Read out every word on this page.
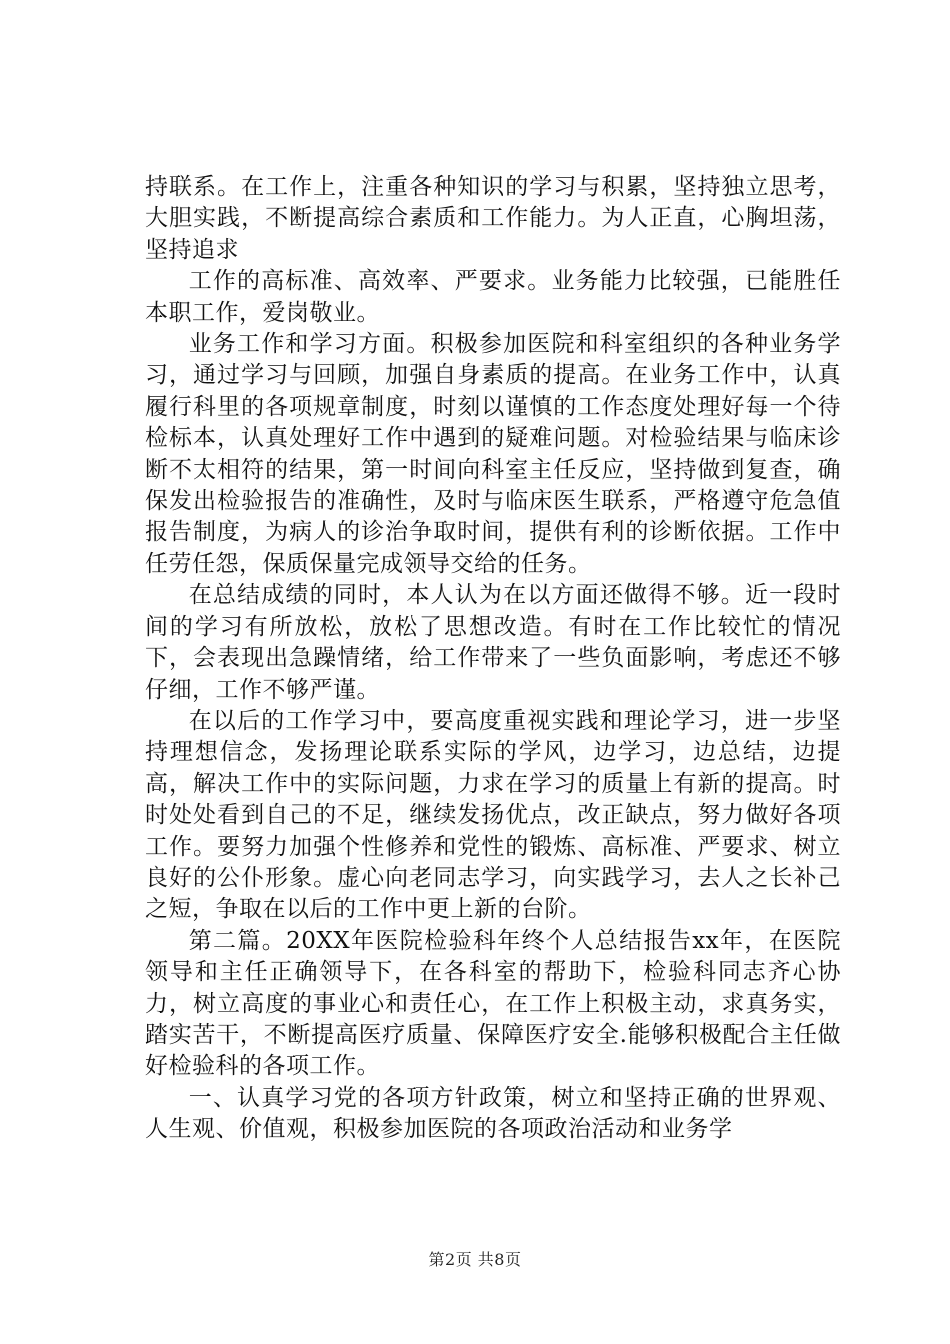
持联系。在工作上，注重各种知识的学习与积累，坚持独立思考，大胆实践，不断提高综合素质和工作能力。为人正直，心胸坦荡，坚持追求

工作的高标准、高效率、严要求。业务能力比较强，已能胜任本职工作，爱岗敬业。

业务工作和学习方面。积极参加医院和科室组织的各种业务学习，通过学习与回顾，加强自身素质的提高。在业务工作中，认真履行科里的各项规章制度，时刻以谨慎的工作态度处理好每一个待检标本，认真处理好工作中遇到的疑难问题。对检验结果与临床诊断不太相符的结果，第一时间向科室主任反应，坚持做到复查，确保发出检验报告的准确性，及时与临床医生联系，严格遵守危急值报告制度，为病人的诊治争取时间，提供有利的诊断依据。工作中任劳任怨，保质保量完成领导交给的任务。

在总结成绩的同时，本人认为在以方面还做得不够。近一段时间的学习有所放松，放松了思想改造。有时在工作比较忙的情况下，会表现出急躁情绪，给工作带来了一些负面影响，考虑还不够仔细，工作不够严谨。

在以后的工作学习中，要高度重视实践和理论学习，进一步坚持理想信念，发扬理论联系实际的学风，边学习，边总结，边提高，解决工作中的实际问题，力求在学习的质量上有新的提高。时时处处看到自己的不足，继续发扬优点，改正缺点，努力做好各项工作。要努力加强个性修养和党性的锻炼、高标准、严要求、树立良好的公仆形象。虚心向老同志学习，向实践学习，去人之长补己之短，争取在以后的工作中更上新的台阶。

第二篇。20XX年医院检验科年终个人总结报告xx年，在医院领导和主任正确领导下，在各科室的帮助下，检验科同志齐心协力，树立高度的事业心和责任心，在工作上积极主动，求真务实，踏实苦干，不断提高医疗质量、保障医疗安全.能够积极配合主任做好检验科的各项工作。

一、认真学习党的各项方针政策，树立和坚持正确的世界观、人生观、价值观，积极参加医院的各项政治活动和业务学

第2页 共8页
